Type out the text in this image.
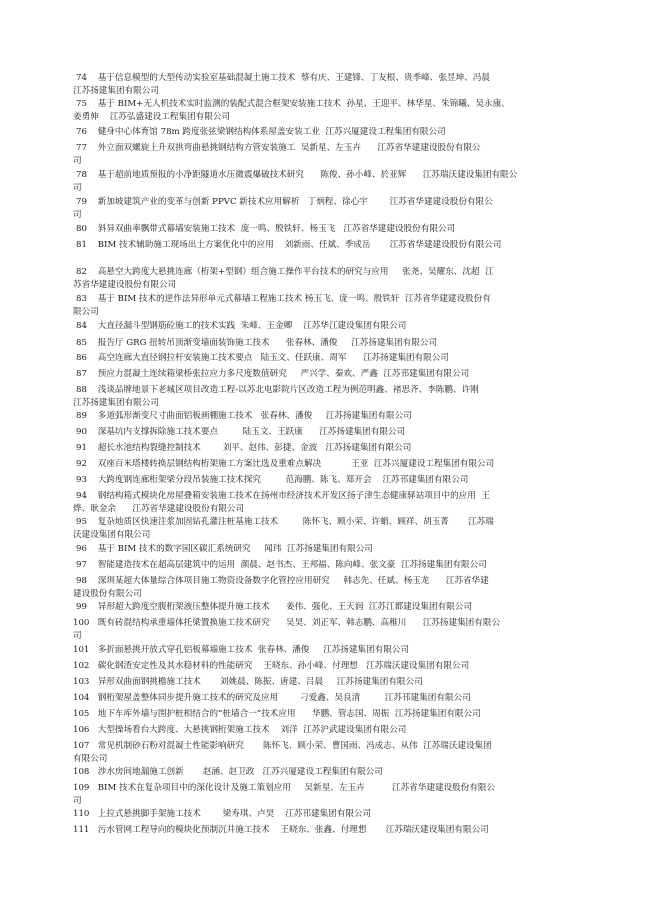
74 基于信息模型的大型传动实验室基础混凝土施工技术  蔡有庆、王建锋、丁友根、贵季峰、张昱坤、冯晨
江苏扬建集团有限公司
75 基于 BIM+无人机技术实时监测的装配式混合框架安装施工技术  孙星、王迎平、林华星、朱锦曦、吴永康、
姜勇伸    江苏弘盛建设工程集团有限公司
76 健身中心体育馆 78m 跨度张弦梁钢结构体系屋盖安装工业  江苏兴厦建设工程集团有限公司
77 外立面双螺旋上升双拱弯曲悬挑钢结构方管安装施工  吴新星、左玉卉      江苏省华建建设股份有限公
司
78 基于超前地质预报的小净距隧道水压微震爆破技术研究      陈俊、孙小峰、於亚辉      江苏瑞沃建设集团有限公
司
79 新加坡建筑产业的变革与创新 PPVC 新技术应用解析   丁炳程、徐心宇        江苏省华建建设股份有限公
司
80 斜异双曲率飘带式幕墙安装施工技术  庞一鸣、殷铁轩、杨玉飞   江苏省华建建设股份有限公司
81 BIM 技术辅助施工现场出土方案优化中的应用    刘新雨、任斌、季成岳       江苏省华建建设股份有限公司
82 高悬空大跨度大悬挑连廊（桁架+型钢）组合施工操作平台技术的研究与应用     张尧、吴耀东、沈超  江
苏省华建建设股份有限公司
83 基于 BIM 技术的逆作法异形单元式幕墙工程施工技术 杨玉飞、庞一鸣、殷铁轩  江苏省华建建设股份有
限公司
84 大直径漏斗型钢筋砼施工的技术实践  朱峰、王金卿    江苏华江建设集团有限公司
85 报告厅 GRG 扭转吊顶渐变墙面装饰施工技术      张春林、潘俊     江苏扬建集团有限公司
86 高空连廊大直径钢拉杆安装施工技术要点   陆玉文、任跃康、周军      江苏扬建集团有限公司
87 预应力混凝土连续箱梁桥张拉应力多尺度数值研究     严兴学、秦欢、严鑫  江苏邗建集团有限公司
88 浅谈品牌地景下老城区项目改造工程-以苏北电影院片区改造工程为例范明鑫、褚思齐、李陈鹏、许刚
江苏扬建集团有限公司
89 多道弧形渐变尺寸曲面铝板画棚施工技术   张春林、潘俊     江苏扬建集团有限公司
90 深基坑内支撑拆除施工技术要点         陆玉文、王跃康      江苏扬建集团有限公司
91 超长水池结构裂缝控制技术        刘平、赵伟、彭捷、金波   江苏扬建集团有限公司
92 双座百米塔楼转换层钢结构桁架施工方案比选及重难点解决           王亚  江苏兴厦建设工程集团有限公司
93 大跨度钢连廊桁架梁分段吊装施工技术探究         范海鹏、陈飞、郑开会    江苏邗建集团有限公司
94 钢结构箱式模块化房屋叠箱安装施工技术在扬州市经济技术开发区扬子津生态健康驿站项目中的应用  王
烨、耿金余      江苏省华建建设股份有限公司
95 复杂地质区快速注浆加固钻孔灌注桩基施工技术         陈怀飞、顾小荣、许蛸、顾祥、胡玉菁       江苏瑞
沃建设集团有限公司
96 基于 BIM 技术的数字园区碳汇系统研究     闻玮  江苏扬建集团有限公司
97 智能建造技术在超高层建筑中的运用  颜晨、赵书杰、王邦福、陈向峰、张文豪  江苏扬建集团有限公司
98 深圳某超大体量综合体项目施工物资设备数字化管控应用研究     韩志先、任斌、杨玉龙      江苏省华建
建设股份有限公司
99 异形超大跨度空腹桁架液压整体提升施工技术      姜伟、强化、王天润  江苏江都建设集团有限公司
100 既有砖混结构承重墙体托梁置换施工技术研究      吴昊、刘正军、韩志鹏、高稚川      江苏扬建集团有限公
司
101 多折面悬挑开放式穿孔铝板幕墙施工技术  张春林、潘俊     江苏扬建集团有限公司
102 碳化钢渣安定性及其水稳材料的性能研究    王晓东、孙小峰、付理想   江苏瑞沃建设集团有限公司
103 异形双曲面钢挑檐施工技术       刘姚晨、陈振、唐建、吕晨     江苏扬建集团有限公司
104 钢桁架屋盖整体同步提升施工技术的研究及应用        刁爱鑫、吴良清         江苏邗建集团有限公司
105 地下车库外墙与围护桩相结合的“桩墙合一”技术应用      华鹏、管志国、周振  江苏扬建集团有限公司
106 大型操场看台大跨度、大悬挑钢桁架施工技术    刘洋  江苏沪武建设集团有限公司
107 常见机制砂石粉对混凝土性能影响研究       陈怀飞、顾小荣、曹国雨、冯成志、从伟  江苏瑞沃建设集团
有限公司
108 涉水房间地漏施工创新       赵涵、赵卫政   江苏兴厦建设工程集团有限公司
109 BIM 技术在复杂项目中的深化设计及施工策划应用     吴新星、左玉卉          江苏省华建建设股份有限公
司
110 上拉式悬挑脚手架施工技术        梁寿琪、卢昊    江苏邗建集团有限公司
111 污水管网工程导向的模块化预制沉井施工技术    王晓东、张鑫、付理想       江苏瑞沃建设集团有限公司
